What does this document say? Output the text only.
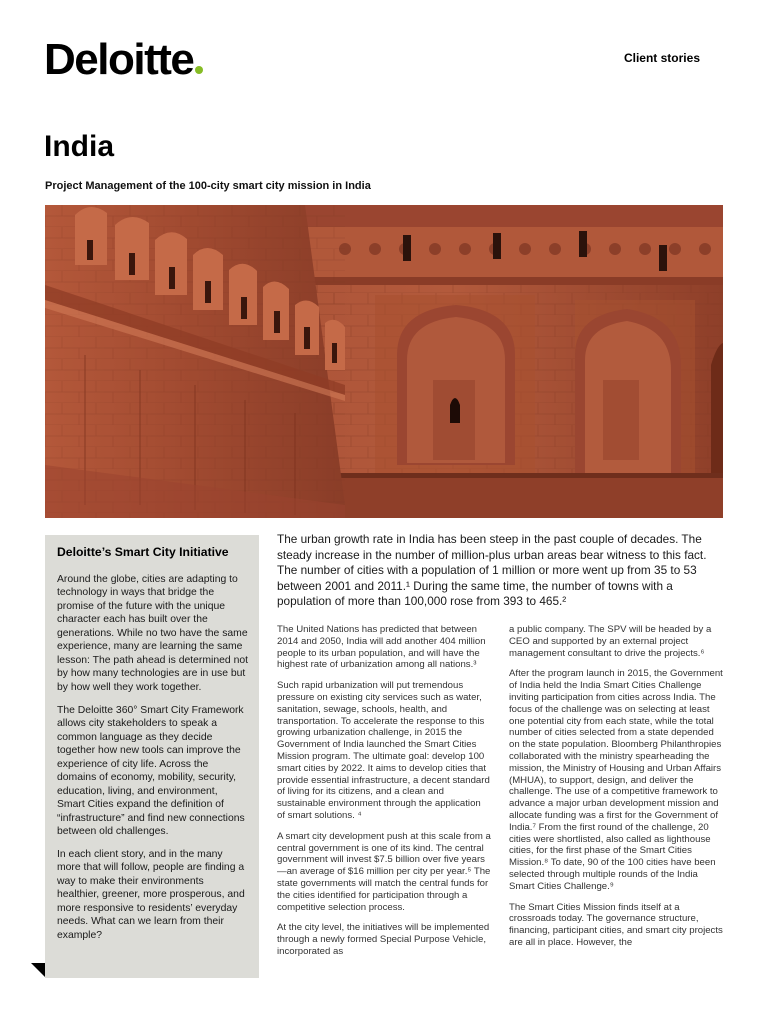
Deloitte	Client stories
India

Project Management of the 100-city smart city mission in India

Deloitte’s Smart City Initiative

Around the globe, cities are adapting to technology in ways that bridge the promise of the future with the unique character each has built over the generations. While no two have the same experience, many are learning the same lesson: The path ahead is determined not by how many technologies are in use but by how well they work together.

The Deloitte 360° Smart City Framework allows city stakeholders to speak a common language as they decide together how new tools can improve the experience of city life. Across the domains of economy, mobility, security, education, living, and environment, Smart Cities expand the definition of “infrastructure” and find new connections between old challenges.

In each client story, and in the many more that will follow, people are finding a way to make their environments healthier, greener, more prosperous, and more responsive to residents’ everyday needs. What can we learn from their example?

The urban growth rate in India has been steep in the past couple of decades. The steady increase in the number of million-plus urban areas bear witness to this fact. The number of cities with a population of 1 million or more went up from 35 to 53 between 2001 and 2011.¹ During the same time, the number of towns with a population of more than 100,000 rose from 393 to 465.²

The United Nations has predicted that between 2014 and 2050, India will add another 404 million people to its urban population, and will have the highest rate of urbanization among all nations.³

Such rapid urbanization will put tremendous pressure on existing city services such as water, sanitation, sewage, schools, health, and transportation. To accelerate the response to this growing urbanization challenge, in 2015 the Government of India launched the Smart Cities Mission program. The ultimate goal: develop 100 smart cities by 2022. It aims to develop cities that provide essential infrastructure, a decent standard of living for its citizens, and a clean and sustainable environment through the application of smart solutions. ⁴

A smart city development push at this scale from a central government is one of its kind. The central government will invest $7.5 billion over five years—an average of $16 million per city per year.⁵ The state governments will match the central funds for the cities identified for participation through a competitive selection process.

At the city level, the initiatives will be implemented through a newly formed Special Purpose Vehicle, incorporated as

a public company. The SPV will be headed by a CEO and supported by an external project management consultant to drive the projects.⁶

After the program launch in 2015, the Government of India held the India Smart Cities Challenge inviting participation from cities across India. The focus of the challenge was on selecting at least one potential city from each state, while the total number of cities selected from a state depended on the state population. Bloomberg Philanthropies collaborated with the ministry spearheading the mission, the Ministry of Housing and Urban Affairs (MHUA), to support, design, and deliver the challenge. The use of a competitive framework to advance a major urban development mission and allocate funding was a first for the Government of India.⁷ From the first round of the challenge, 20 cities were shortlisted, also called as lighthouse cities, for the first phase of the Smart Cities Mission.⁸ To date, 90 of the 100 cities have been selected through multiple rounds of the India Smart Cities Challenge.⁹

The Smart Cities Mission finds itself at a crossroads today. The governance structure, financing, participant cities, and smart city projects are all in place. However, the
